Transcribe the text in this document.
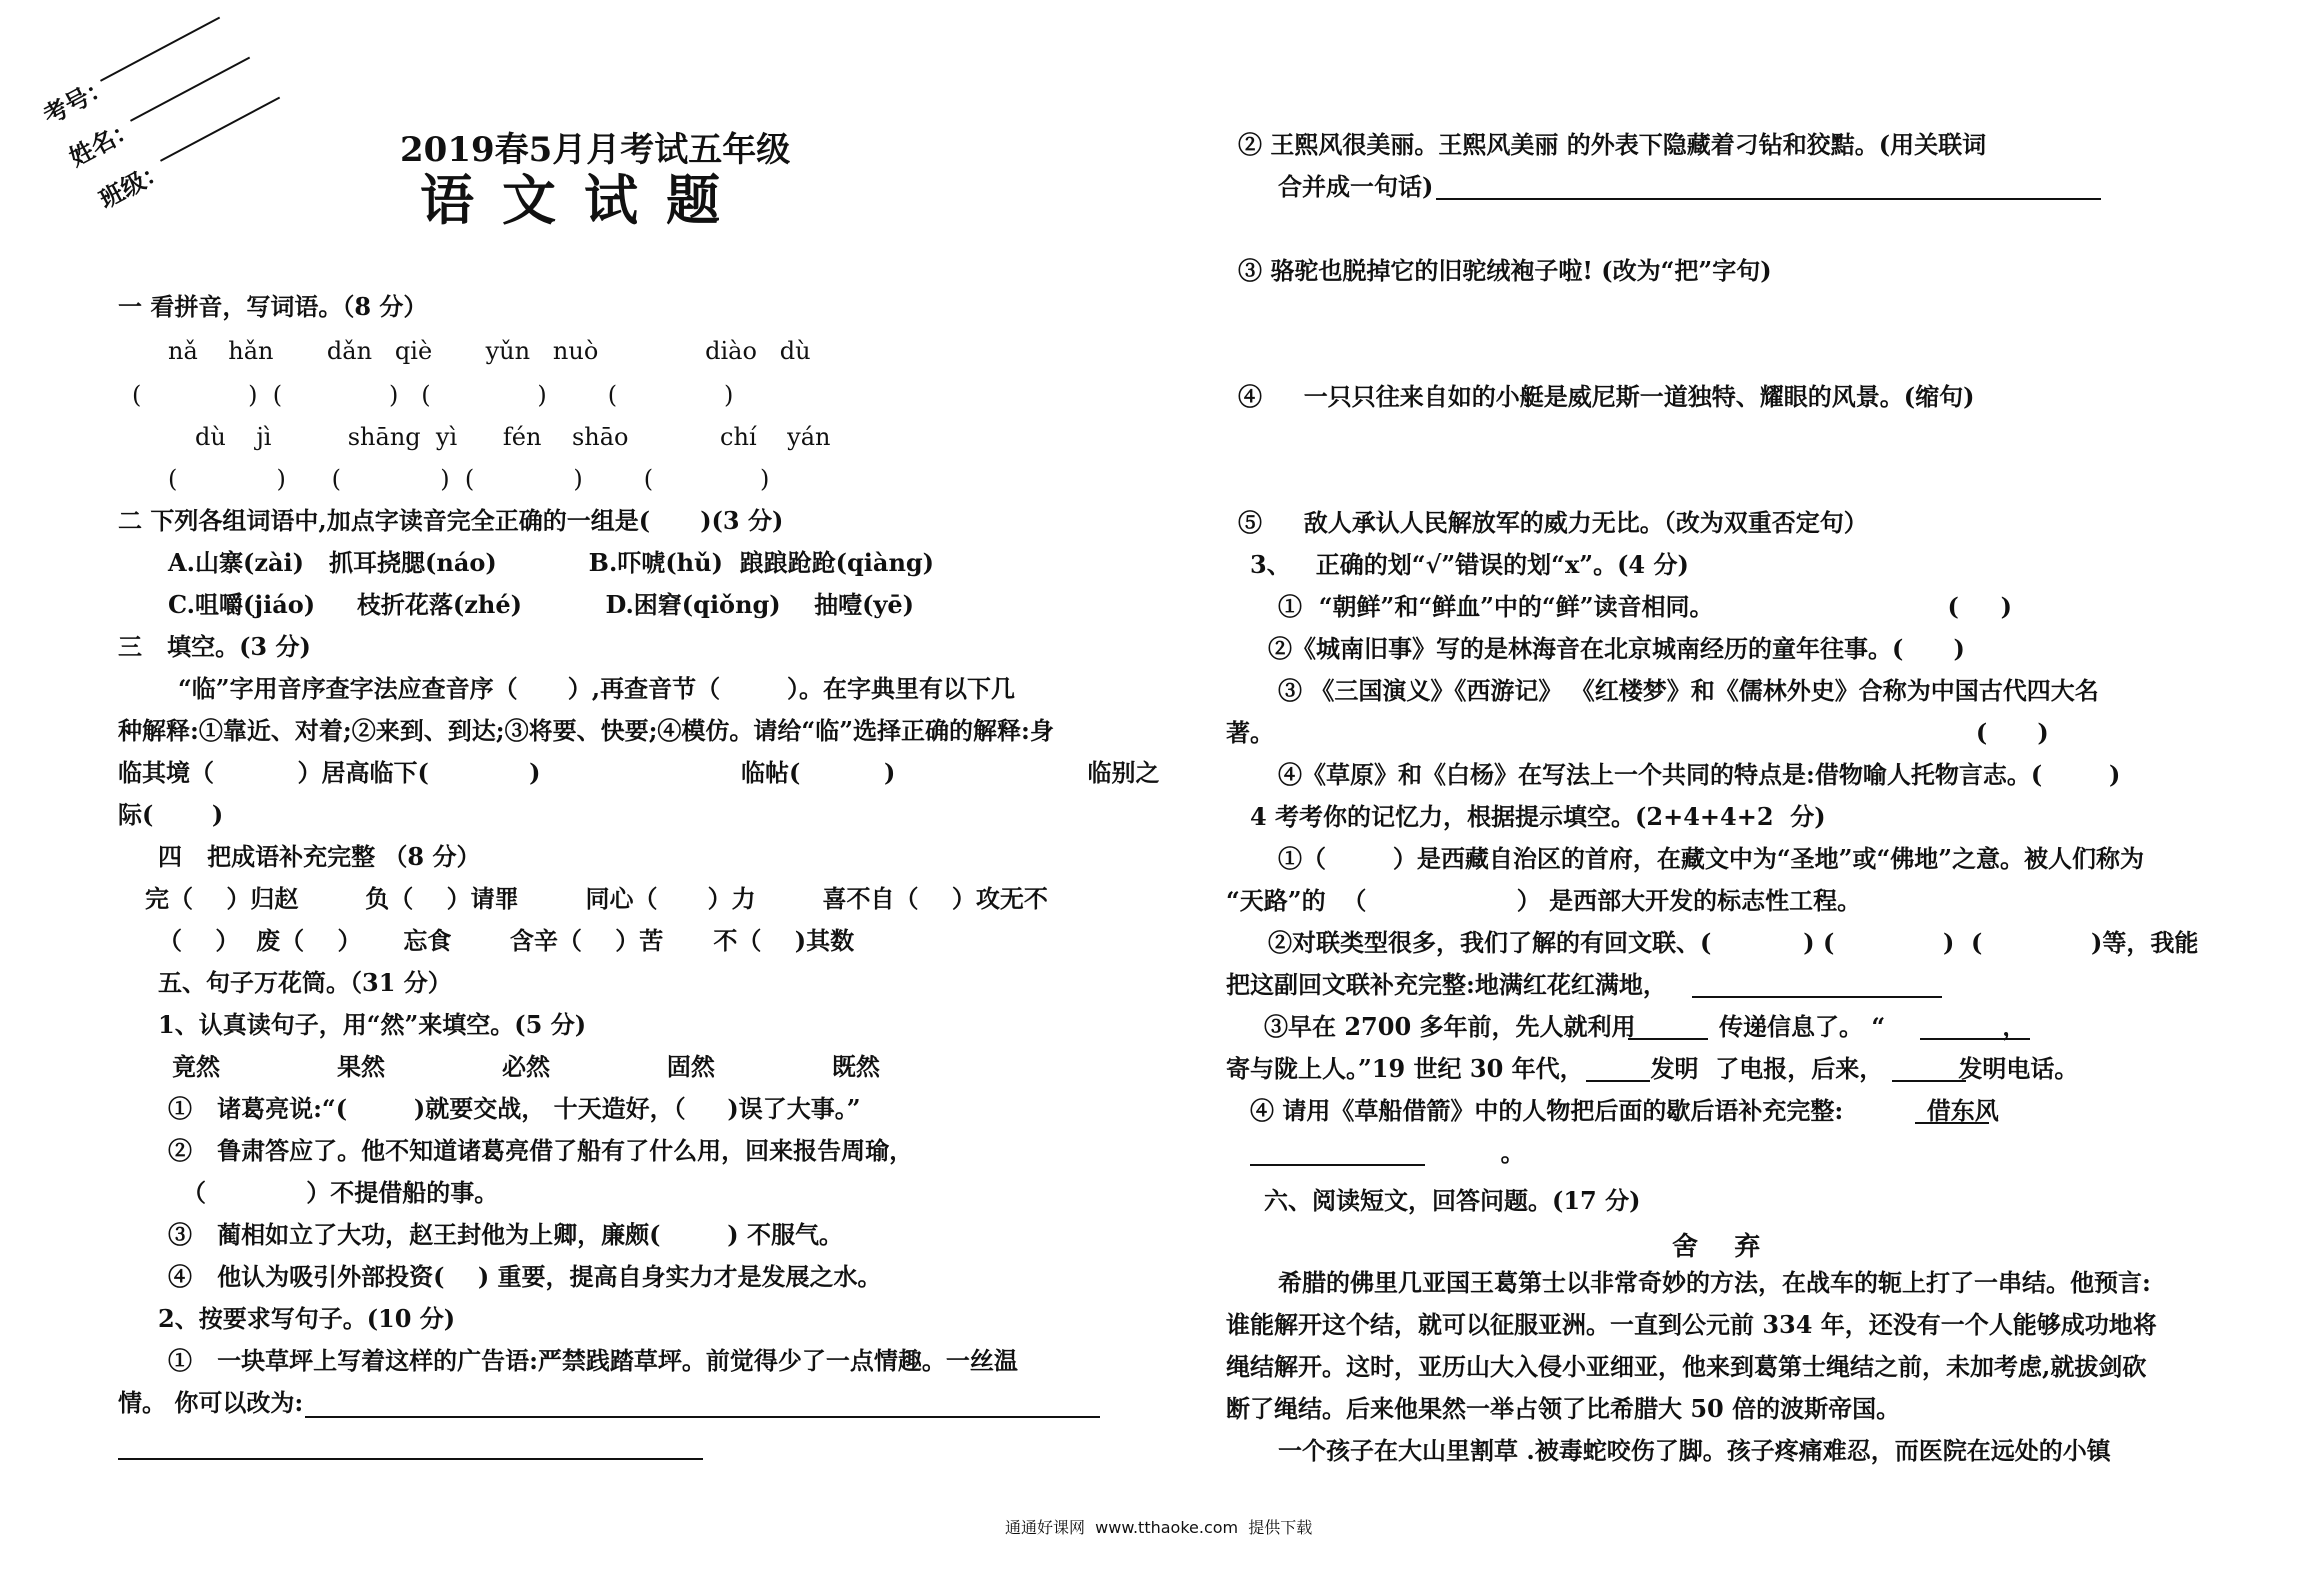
考号：
姓名：
班级：
2019春5月月考试五年级
语文试题
一 看拼音，写词语。（8 分）
nǎ    hǎn       dǎn   qiè       yǔn   nuò              diào   dù
(              )  (              )   (              )        (              )
dù    jì          shāng  yì      fén    shāo            chí    yán
(             )      (             )  (             )        (              )
二 下列各组词语中,加点字读音完全正确的一组是(      )(3 分)
A.山寨(zài)   抓耳挠腮(náo)           B.吓唬(hǔ)  踉踉跄跄(qiàng)
C.咀嚼(jiáo)     枝折花落(zhé)          D.困窘(qiǒng)    抽噎(yē)
三   填空。(3 分)
“临”字用音序查字法应查音序（      ）,再查音节（        ）。在字典里有以下几
种解释:①靠近、对着;②来到、到达;③将要、快要;④模仿。请给“临”选择正确的解释:身
临其境（          ）居高临下(            )                        临帖(          )                       临别之
际(       )
四   把成语补充完整 （8 分）
完（    ）归赵        负（    ）请罪        同心（      ）力        喜不自（    ）攻无不
（    ）  废（    ）     忘食       含辛（    ）苦      不（    )其数
五、句子万花筒。（31 分）
1、认真读句子，用“然”来填空。(5 分)
竟然              果然              必然              固然              既然
①   诸葛亮说:“(        )就要交战， 十天造好，（     )误了大事。”
②   鲁肃答应了。他不知道诸葛亮借了船有了什么用，回来报告周瑜，
（            ）不提借船的事。
③   蔺相如立了大功，赵王封他为上卿，廉颇(        ) 不服气。
④   他认为吸引外部投资(    ) 重要，提高自身实力才是发展之水。
2、按要求写句子。(10 分)
①   一块草坪上写着这样的广告语:严禁践踏草坪。前觉得少了一点情趣。一丝温
情。 你可以改为:
② 王熙风很美丽。王熙风美丽 的外表下隐藏着刁钻和狡黠。(用关联词
合并成一句话)
③ 骆驼也脱掉它的旧驼绒袍子啦! (改为“把”字句)
④     一只只往来自如的小艇是威尼斯一道独特、耀眼的风景。(缩句)
⑤     敌人承认人民解放军的威力无比。（改为双重否定句）
3、   正确的划“√”错误的划“x”。(4 分)
①  “朝鲜”和“鲜血”中的“鲜”读音相同。                            (     )
②《城南旧事》写的是林海音在北京城南经历的童年往事。(      )
③ 《三国演义》《西游记》 《红楼梦》和《儒林外史》合称为中国古代四大名
著。                                                                                    (      )
④《草原》和《白杨》在写法上一个共同的特点是:借物喻人托物言志。(        )
4 考考你的记忆力，根据提示填空。(2+4+4+2  分)
①（        ）是西藏自治区的首府，在藏文中为“圣地”或“佛地”之意。被人们称为
“天路”的  （                  ） 是西部大开发的标志性工程。
②对联类型很多，我们了解的有回文联、(           ) (             )  (             )等，我能
把这副回文联补充完整:地满红花红满地，
③早在 2700 多年前，先人就利用          传递信息了。 “              ，
寄与陇上人。”19 世纪 30 年代，        发明  了电报，后来，         发明电话。
④ 请用《草船借箭》中的人物把后面的歇后语补充完整:          借东风
。
六、阅读短文，回答问题。(17 分)
舍    弃
希腊的佛里几亚国王葛第士以非常奇妙的方法，在战车的轭上打了一串结。他预言:
谁能解开这个结，就可以征服亚洲。一直到公元前 334 年，还没有一个人能够成功地将
绳结解开。这时，亚历山大入侵小亚细亚，他来到葛第士绳结之前，未加考虑,就拔剑砍
断了绳结。后来他果然一举占领了比希腊大 50 倍的波斯帝国。
一个孩子在大山里割草 .被毒蛇咬伤了脚。孩子疼痛难忍，而医院在远处的小镇
通通好课网  www.tthaoke.com  提供下载
